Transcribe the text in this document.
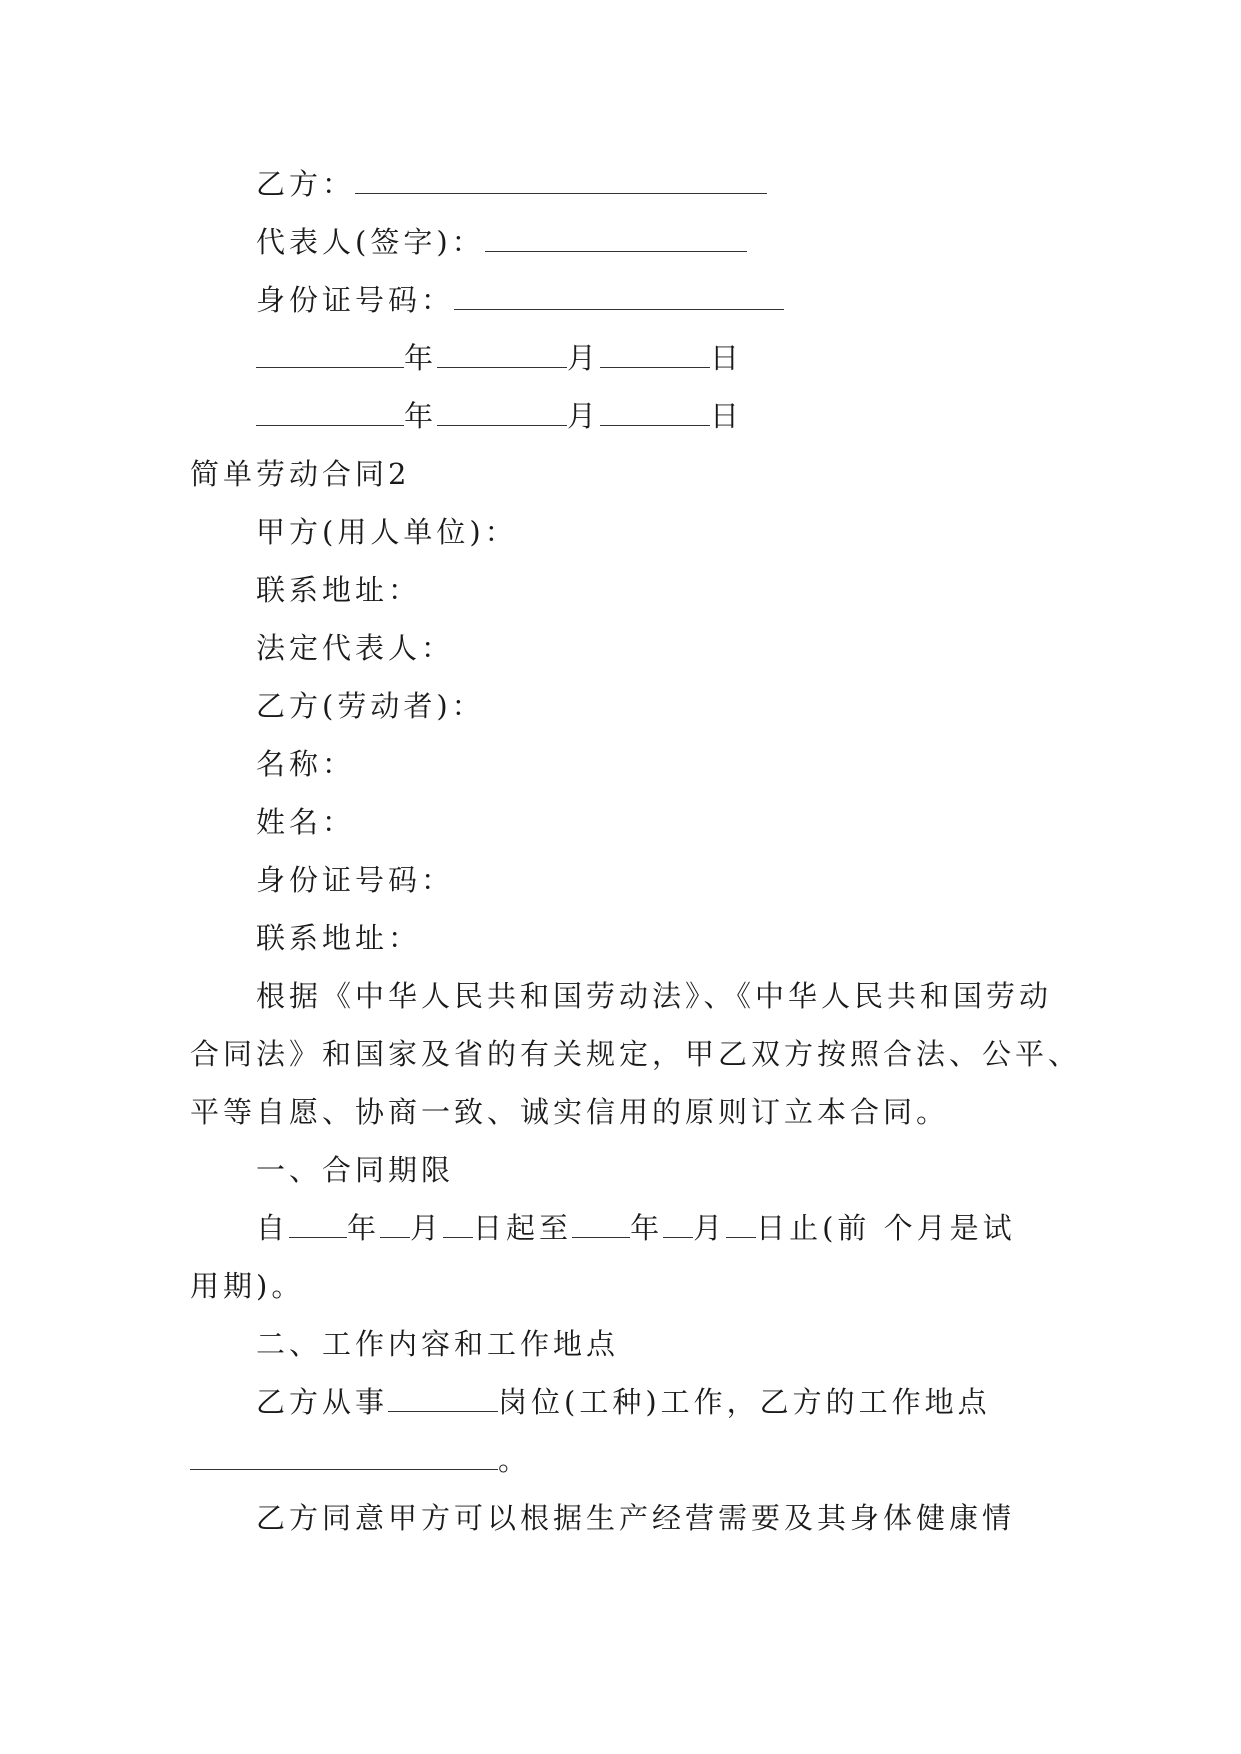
乙方：
代表人(签字)：
身份证号码：
年	月	日
年	月	日
简单劳动合同2
甲方(用人单位)：
联系地址：
法定代表人：
乙方(劳动者)：
名称：
姓名：
身份证号码：
联系地址：
根据《中华人民共和国劳动法》、《中华人民共和国劳动
合同法》和国家及省的有关规定，甲乙双方按照合法、公平、
平等自愿、协商一致、诚实信用的原则订立本合同。
一、合同期限
自 年 月 日起至 年 月 日止(前 个月是试
用期)。
二、工作内容和工作地点
乙方从事	岗位(工种)工作，乙方的工作地点
。
乙方同意甲方可以根据生产经营需要及其身体健康情
